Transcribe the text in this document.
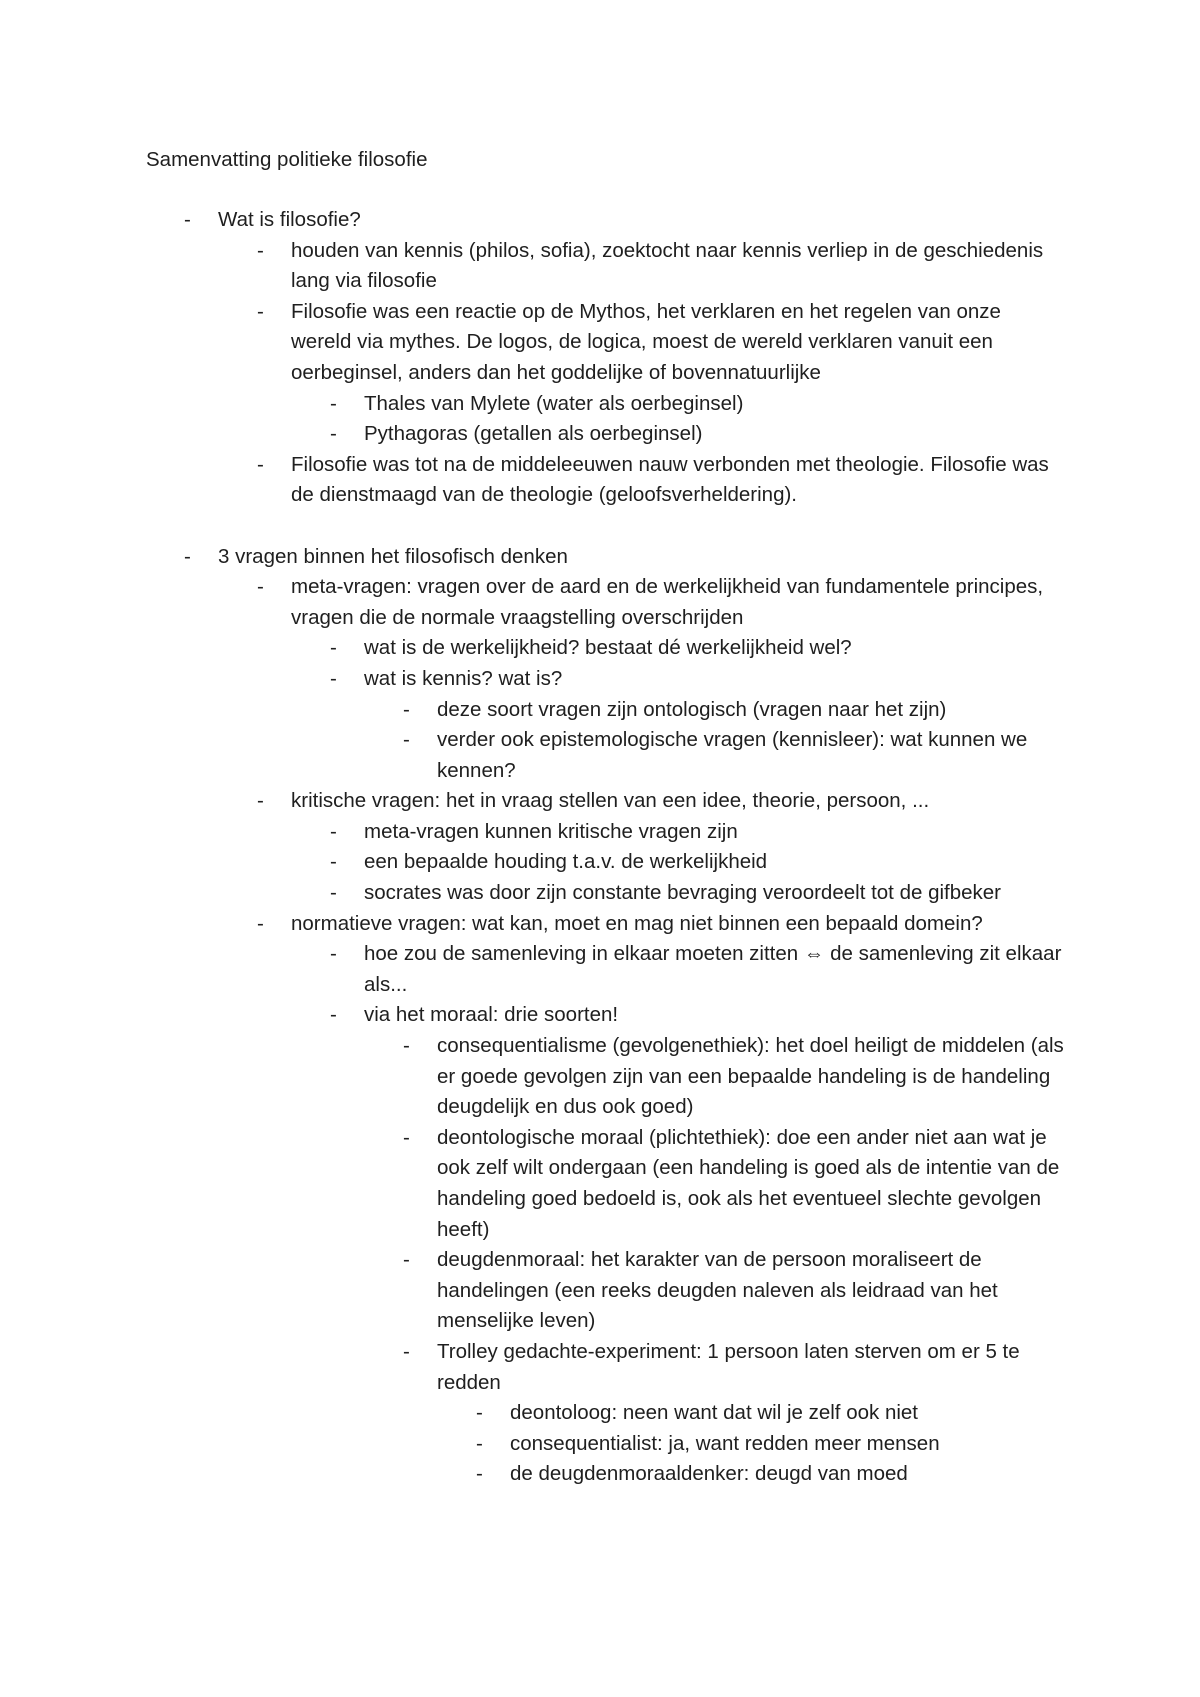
Samenvatting politieke filosofie
-	Wat is filosofie?
-	houden van kennis (philos, sofia), zoektocht naar kennis verliep in de geschiedenis lang via filosofie
-	Filosofie was een reactie op de Mythos, het verklaren en het regelen van onze wereld via mythes. De logos, de logica, moest de wereld verklaren vanuit een oerbeginsel, anders dan het goddelijke of bovennatuurlijke
-	Thales van Mylete (water als oerbeginsel)
-	Pythagoras (getallen als oerbeginsel)
-	Filosofie was tot na de middeleeuwen nauw verbonden met theologie. Filosofie was de dienstmaagd van de theologie (geloofsverheldering).
-	3 vragen binnen het filosofisch denken
-	meta-vragen: vragen over de aard en de werkelijkheid van fundamentele principes, vragen die de normale vraagstelling overschrijden
-	wat is de werkelijkheid? bestaat dé werkelijkheid wel?
-	wat is kennis? wat is?
-	deze soort vragen zijn ontologisch (vragen naar het zijn)
-	verder ook epistemologische vragen (kennisleer): wat kunnen we kennen?
-	kritische vragen: het in vraag stellen van een idee, theorie, persoon, ...
-	meta-vragen kunnen kritische vragen zijn
-	een bepaalde houding t.a.v. de werkelijkheid
-	socrates was door zijn constante bevraging veroordeelt tot de gifbeker
-	normatieve vragen: wat kan, moet en mag niet binnen een bepaald domein?
-	hoe zou de samenleving in elkaar moeten zitten ⇔ de samenleving zit elkaar als...
-	via het moraal: drie soorten!
-	consequentialisme (gevolgenethiek): het doel heiligt de middelen (als er goede gevolgen zijn van een bepaalde handeling is de handeling deugdelijk en dus ook goed)
-	deontologische moraal (plichtethiek): doe een ander niet aan wat je ook zelf wilt ondergaan (een handeling is goed als de intentie van de handeling goed bedoeld is, ook als het eventueel slechte gevolgen heeft)
-	deugdenmoraal: het karakter van de persoon moraliseert de handelingen (een reeks deugden naleven als leidraad van het menselijke leven)
-	Trolley gedachte-experiment: 1 persoon laten sterven om er 5 te redden
-	deontoloog: neen want dat wil je zelf ook niet
-	consequentialist: ja, want redden meer mensen
-	de deugdenmoraaldenker: deugd van moed
